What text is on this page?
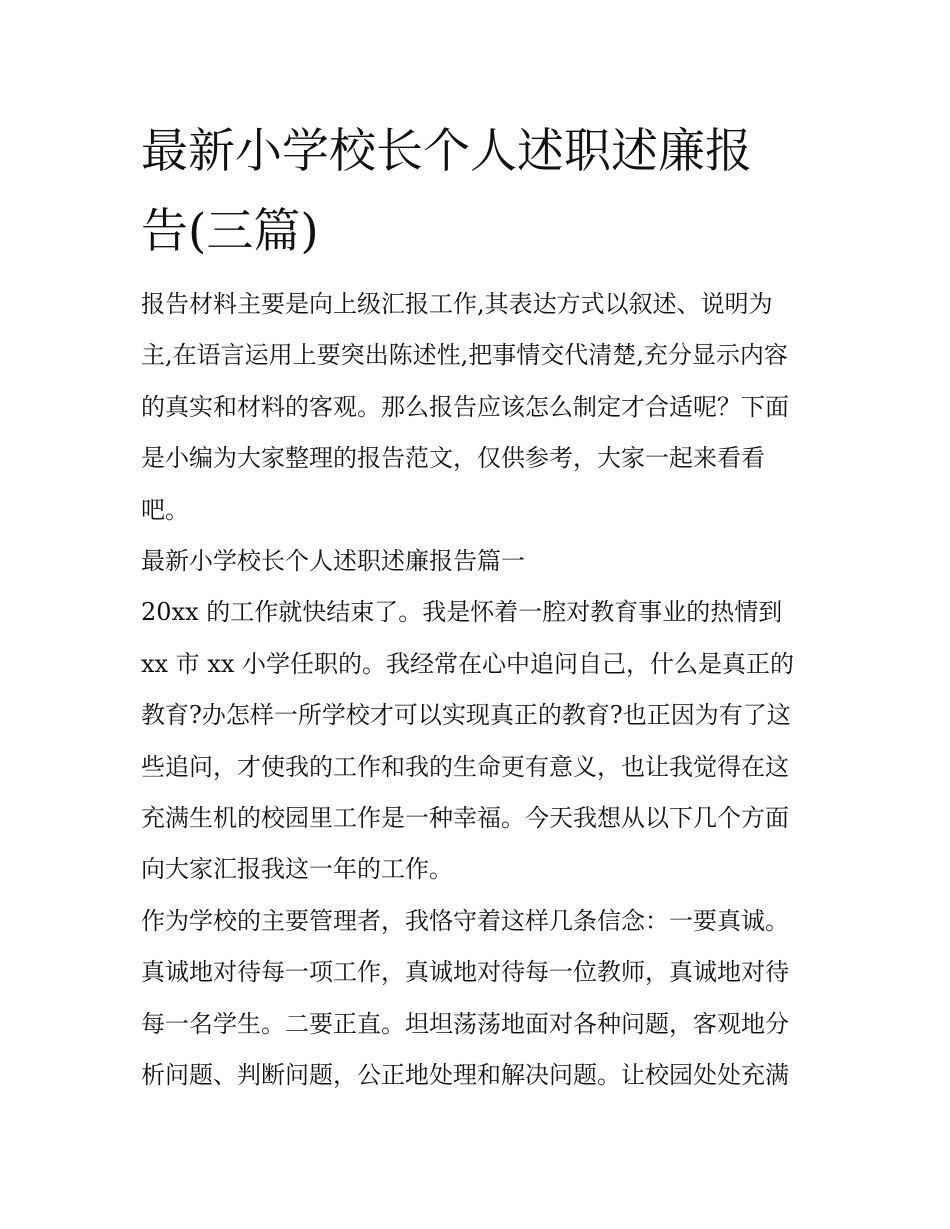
最新小学校长个人述职述廉报
告(三篇)

报告材料主要是向上级汇报工作,其表达方式以叙述、说明为
主,在语言运用上要突出陈述性,把事情交代清楚,充分显示内容
的真实和材料的客观。那么报告应该怎么制定才合适呢？下面
是小编为大家整理的报告范文，仅供参考，大家一起来看看
吧。

最新小学校长个人述职述廉报告篇一

20xx 的工作就快结束了。我是怀着一腔对教育事业的热情到
xx 市 xx 小学任职的。我经常在心中追问自己，什么是真正的
教育?办怎样一所学校才可以实现真正的教育?也正因为有了这
些追问，才使我的工作和我的生命更有意义，也让我觉得在这
充满生机的校园里工作是一种幸福。今天我想从以下几个方面
向大家汇报我这一年的工作。

作为学校的主要管理者，我恪守着这样几条信念：一要真诚。
真诚地对待每一项工作，真诚地对待每一位教师，真诚地对待
每一名学生。二要正直。坦坦荡荡地面对各种问题，客观地分
析问题、判断问题，公正地处理和解决问题。让校园处处充满
